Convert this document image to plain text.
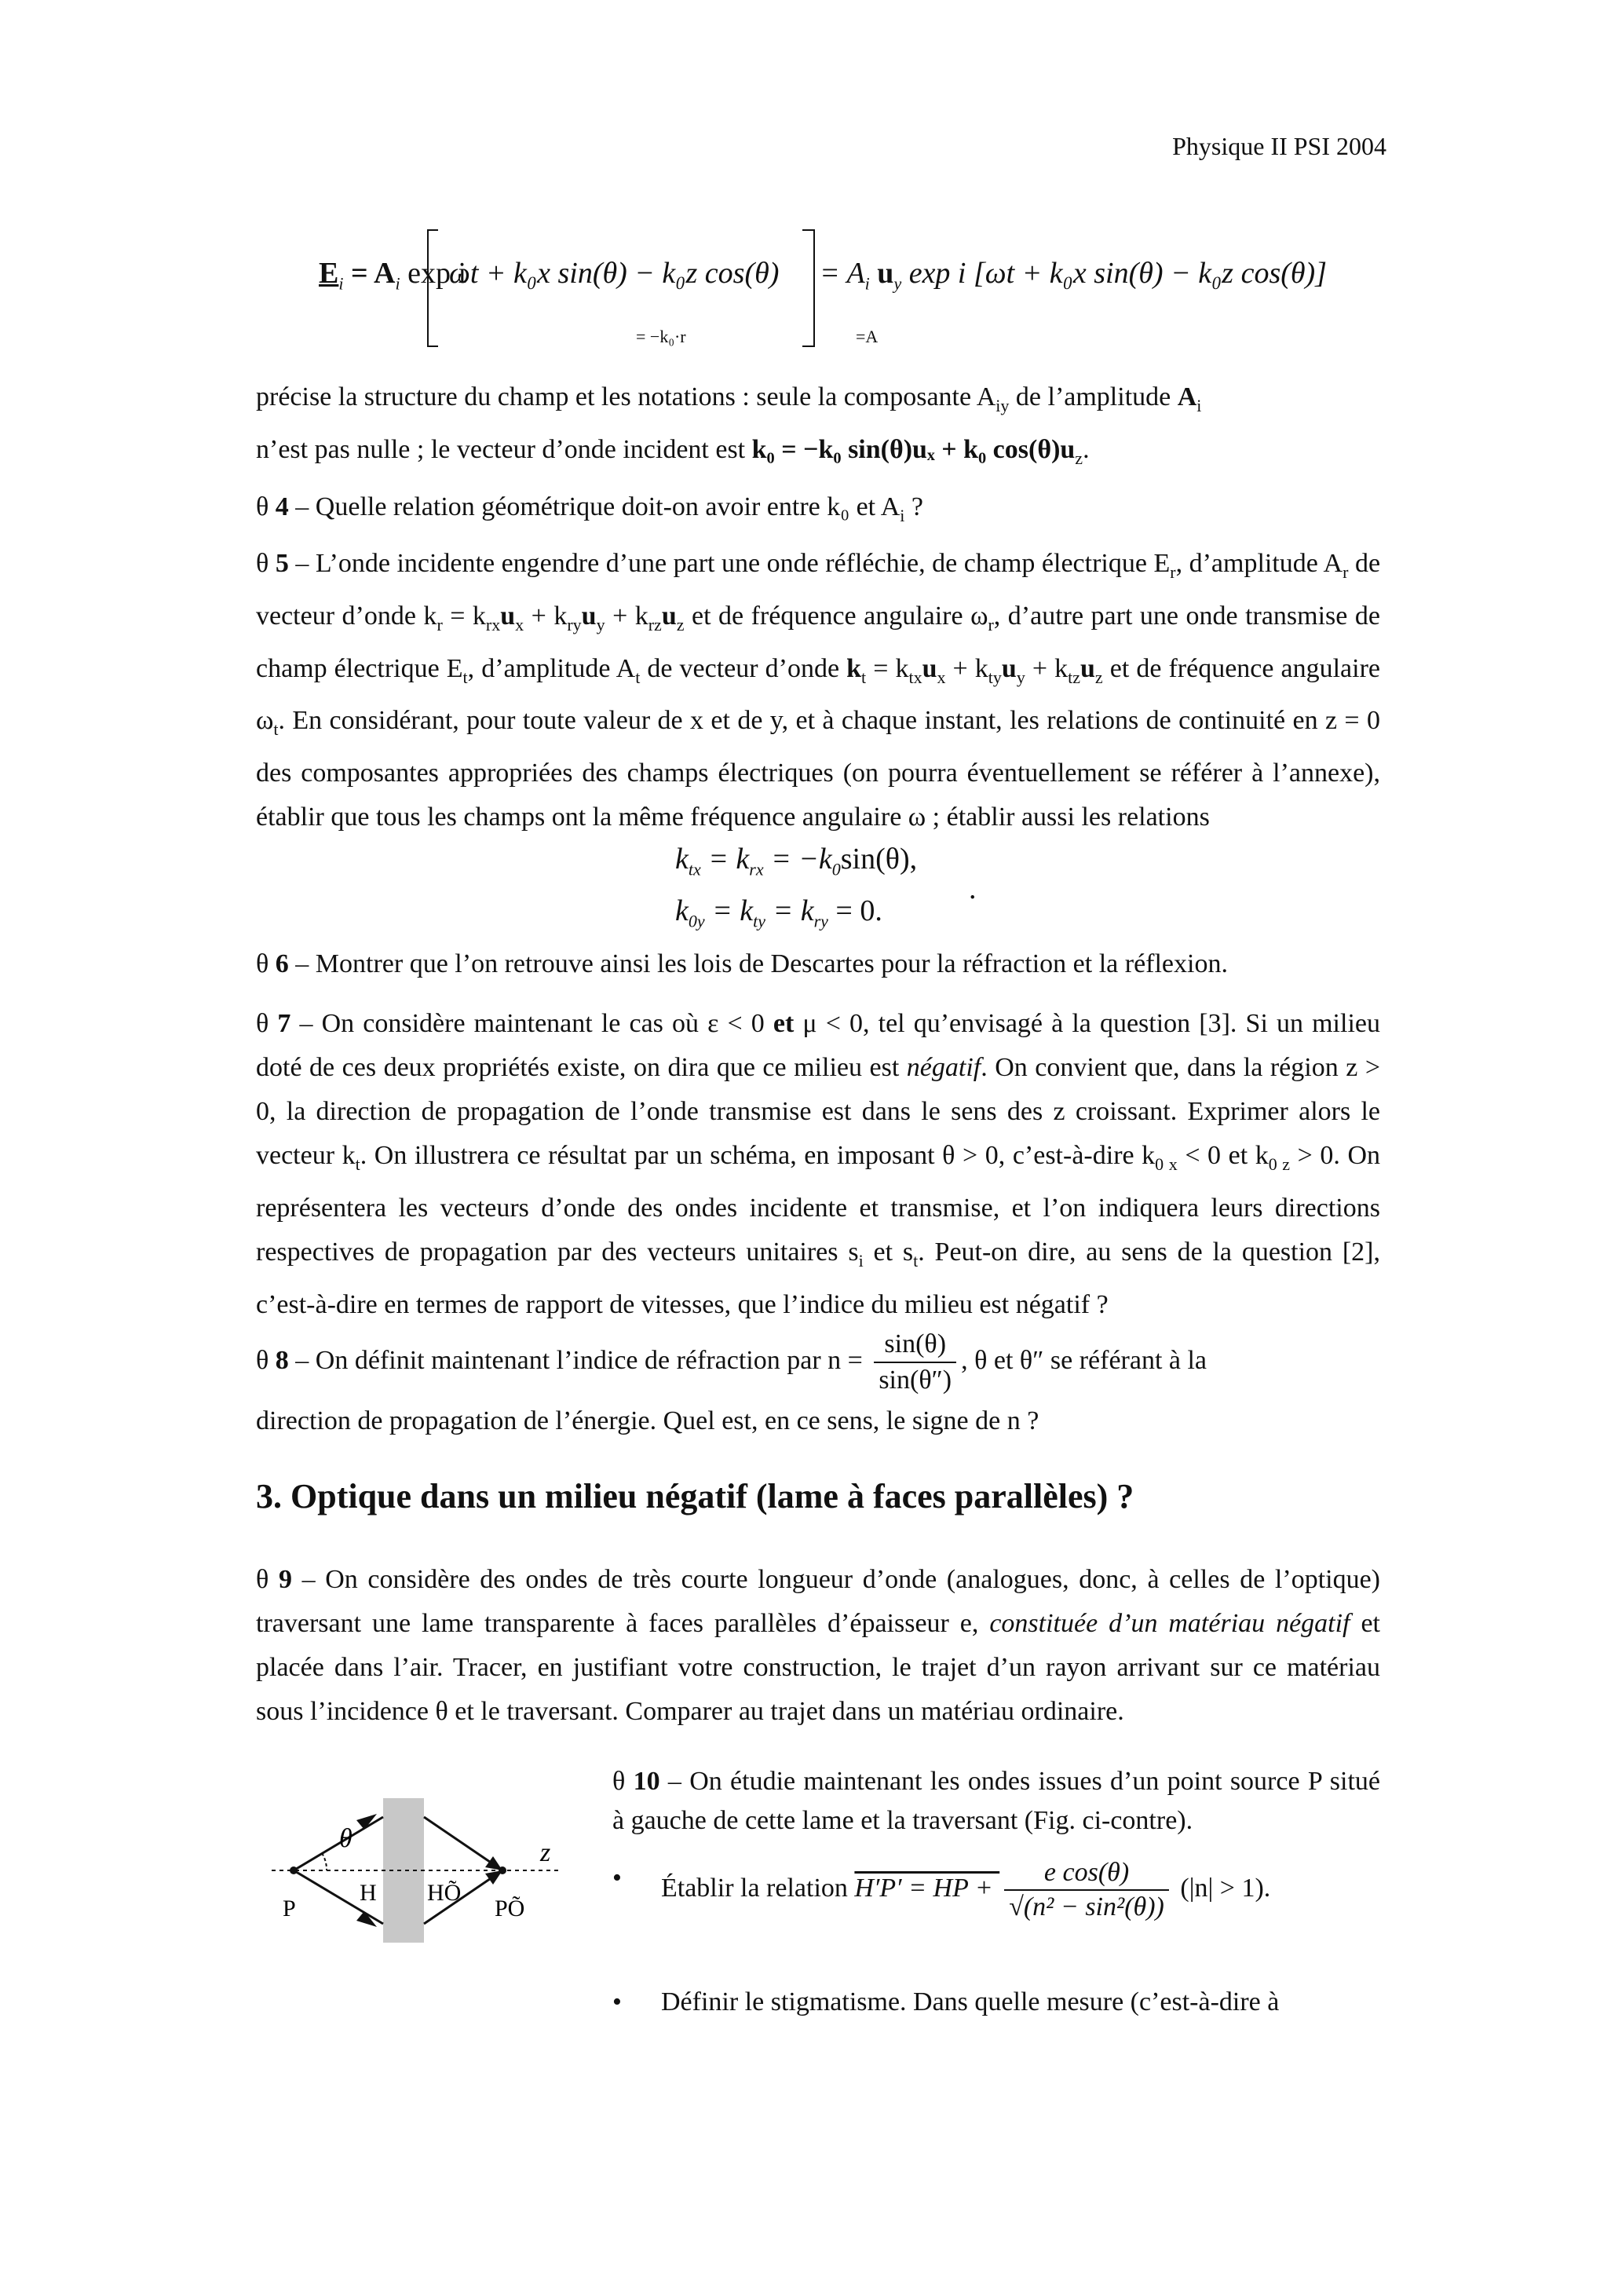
Physique II PSI 2004
$E_i = A_i$ exp i
ωt + k₀x sin(θ) − k₀z cos(θ)
= −k₀·r
= $A_i$ $u_y$ exp i [ωt + k₀x sin(θ) − k₀z cos(θ)]
=A
précise la structure du champ et les notations : seule la composante $A_{iy}$ de l’amplitude $A_i$
n’est pas nulle ; le vecteur d’onde incident est k₀ = −k₀ sin(θ)uₓ + k₀ $\cos(\theta)u_z$.
θ 4 – Quelle relation géométrique doit-on avoir entre k₀ et $A_i$ ?
θ 5 – L’onde incidente engendre d’une part une onde réfléchie, de champ électrique $E_r$, d’amplitude $A_r$ de vecteur d’onde $k_r = k_{rx}u_x + k_{ry}u_y + k_{rz}u_z$ et de fréquence angulaire $\omega_r$, d’autre part une onde transmise de champ électrique $E_t$, d’amplitude $A_t$ de vecteur d’onde $k_t = k_{tx}u_x + k_{ty}u_y + k_{tz}u_z$ et de fréquence angulaire $\omega_t$. En considérant, pour toute valeur de x et de y, et à chaque instant, les relations de continuité en z = 0 des composantes appropriées des champs électriques (on pourra éventuellement se référer à l’annexe), établir que tous les champs ont la même fréquence angulaire ω ; établir aussi les relations
$k_{tx} = k_{rx} = -k_0\sin(\theta)$,
$k_{0y} = k_{ty} = k_{ry} = 0$.
.
θ 6 – Montrer que l’on retrouve ainsi les lois de Descartes pour la réfraction et la réflexion.
θ 7 – On considère maintenant le cas où ε < 0 et μ < 0, tel qu’envisagé à la question [3]. Si un milieu doté de ces deux propriétés existe, on dira que ce milieu est négatif. On convient que, dans la région z > 0, la direction de propagation de l’onde transmise est dans le sens des z croissant. Exprimer alors le vecteur $k_t$. On illustrera ce résultat par un schéma, en imposant θ > 0, c’est-à-dire $k_{0 x} < 0$ et $k_{0 z} > 0$. On représentera les vecteurs d’onde des ondes incidente et transmise, et l’on indiquera leurs directions respectives de propagation par des vecteurs unitaires $s_i$ et $s_t$. Peut-on dire, au sens de la question [2], c’est-à-dire en termes de rapport de vitesses, que l’indice du milieu est négatif ?
θ 8 – On définit maintenant l’indice de réfraction par $n = \frac{\sin(\theta)}{\sin(\theta'')}$ , θ et θ″ se référant à la
direction de propagation de l’énergie. Quel est, en ce sens, le signe de n ?
3. Optique dans un milieu négatif (lame à faces parallèles) ?
θ 9 – On considère des ondes de très courte longueur d’onde (analogues, donc, à celles de l’optique) traversant une lame transparente à faces parallèles d’épaisseur e, constituée d’un matériau négatif et placée dans l’air. Tracer, en justifiant votre construction, le trajet d’un rayon arrivant sur ce matériau sous l’incidence θ et le traversant. Comparer au trajet dans un matériau ordinaire.
θ 10 – On étudie maintenant les ondes issues d’un point source P situé à gauche de cette lame et la traversant (Fig. ci-contre).
θ	z
H HÕ
P	PÕ
• Établir la relation H′P′ = HP + $\frac{\text{e cos(θ)}}{\text{√(n² − sin²(θ))}} (|n| > 1)$.
• Définir le stigmatisme. Dans quelle mesure (c’est-à-dire à
